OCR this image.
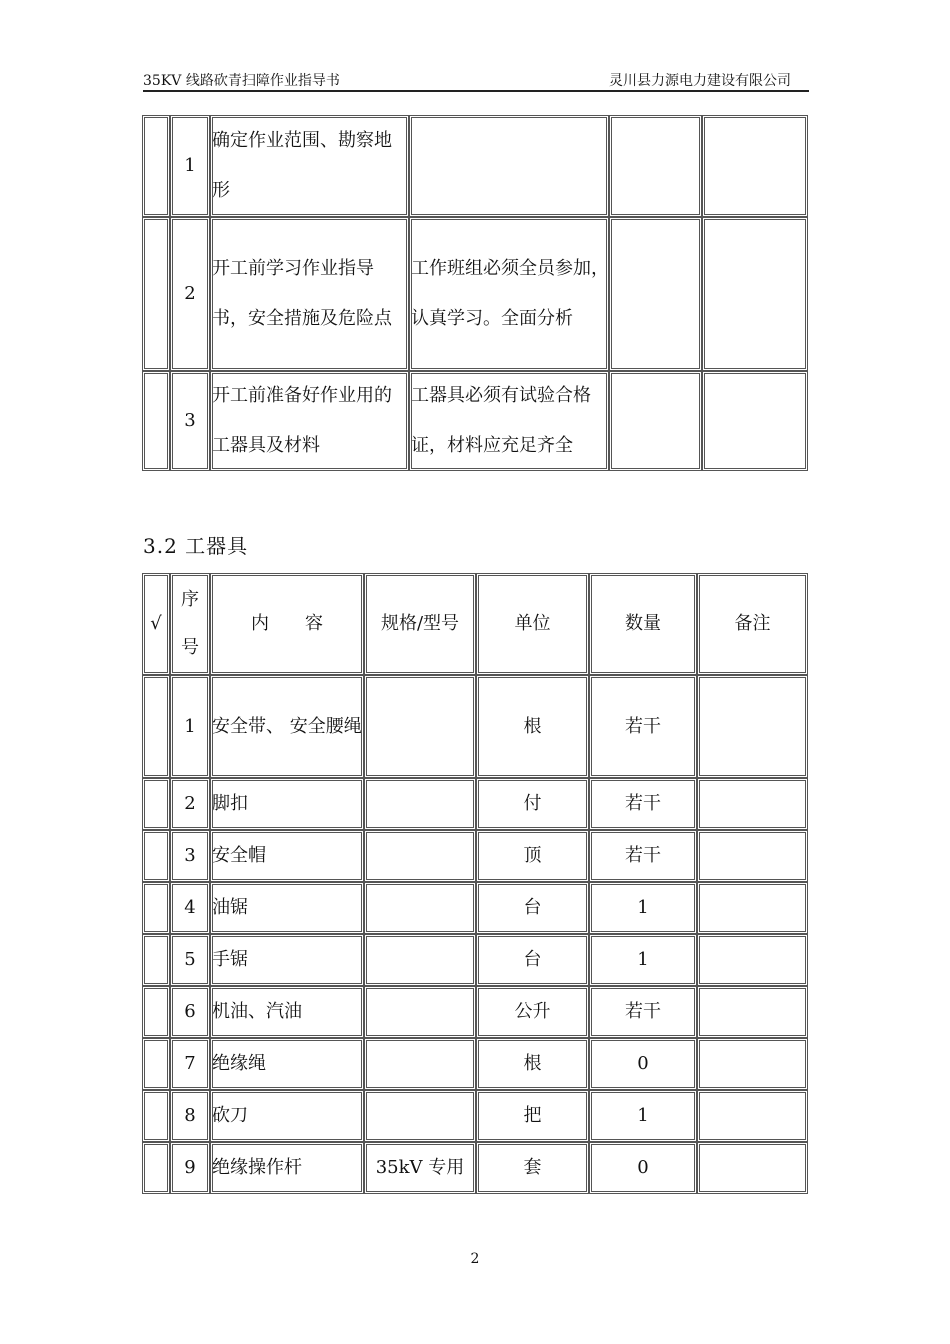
35KV 线路砍青扫障作业指导书	灵川县力源电力建设有限公司
	1	确定作业范围、勘察地形			
	2	开工前学习作业指导书，安全措施及危险点	工作班组必须全员参加，认真学习。全面分析		
	3	开工前准备好作业用的工器具及材料	工器具必须有试验合格证，材料应充足齐全		
3.2 工器具
√	序号	内　　容	规格/型号	单位	数量	备注
	1	安全带、 安全腰绳		根	若干	
	2	脚扣		付	若干	
	3	安全帽		顶	若干	
	4	油锯		台	1	
	5	手锯		台	1	
	6	机油、汽油		公升	若干	
	7	绝缘绳		根	0	
	8	砍刀		把	1	
	9	绝缘操作杆	35kV 专用	套	0	
2
